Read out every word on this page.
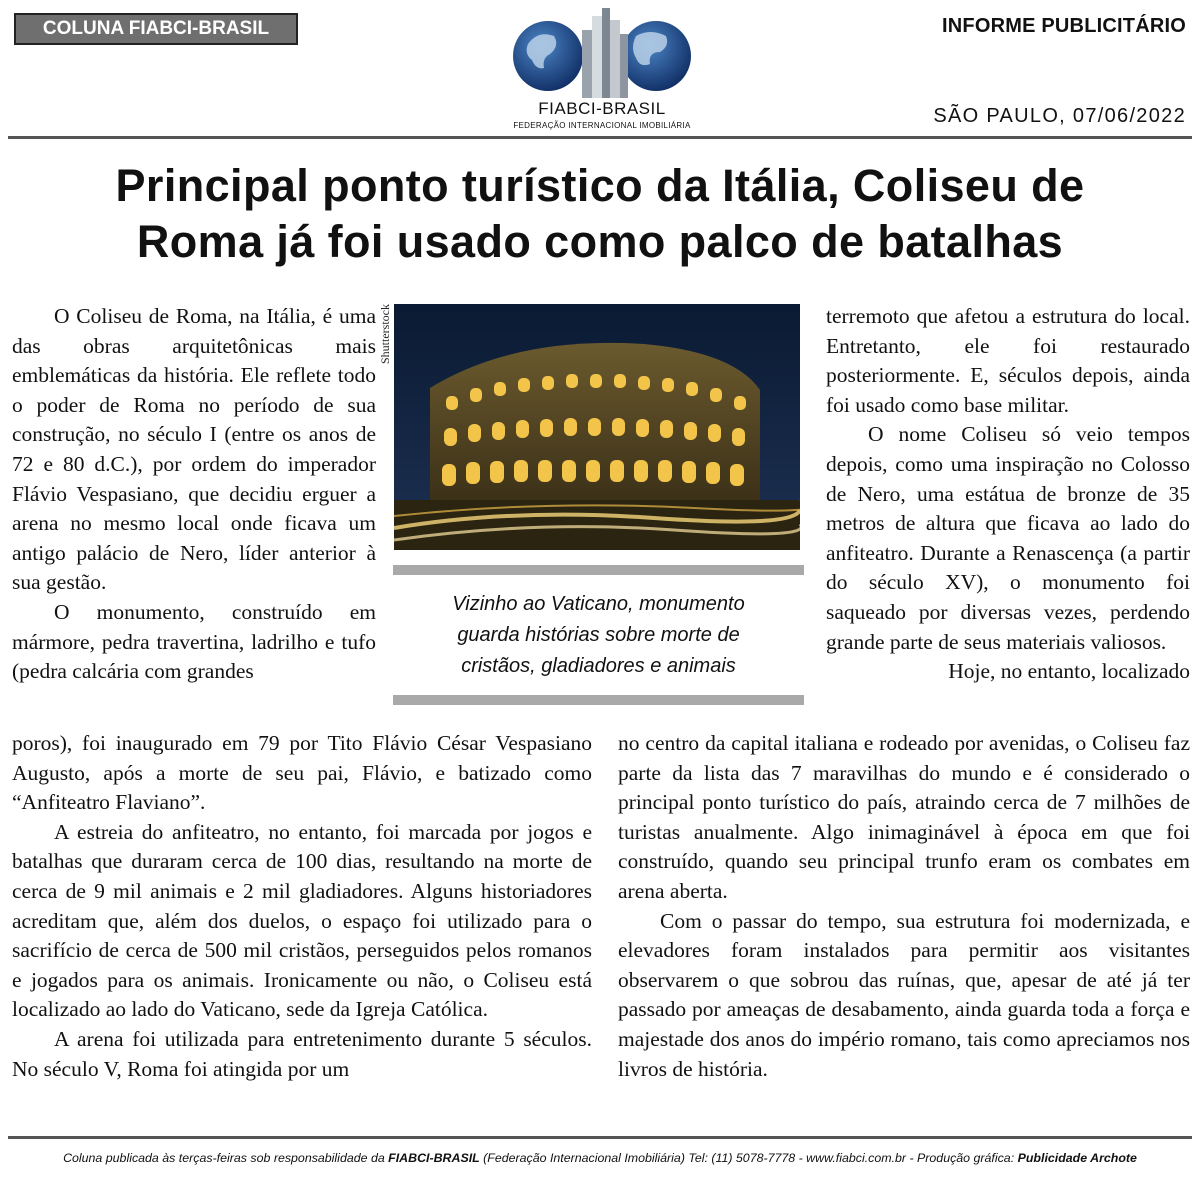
COLUNA FIABCI-BRASIL	INFORME PUBLICITÁRIO
SÃO PAULO, 07/06/2022
FIABCI-BRASIL
FEDERAÇÃO INTERNACIONAL IMOBILIÁRIA
Principal ponto turístico da Itália, Coliseu de
Roma já foi usado como palco de batalhas

O Coliseu de Roma, na Itália, é uma das obras arquitetônicas mais emblemáticas da história. Ele reflete todo o poder de Roma no período de sua construção, no século I (entre os anos de 72 e 80 d.C.), por ordem do imperador Flávio Vespasiano, que decidiu erguer a arena no mesmo local onde ficava um antigo palácio de Nero, líder anterior à sua gestão.

O monumento, construído em mármore, pedra travertina, ladrilho e tufo (pedra calcária com grandes

Shutterstock
Vizinho ao Vaticano, monumento
guarda histórias sobre morte de
cristãos, gladiadores e animais

terremoto que afetou a estrutura do local. Entretanto, ele foi restaurado posteriormente. E, séculos depois, ainda foi usado como base militar.

O nome Coliseu só veio tempos depois, como uma inspiração no Colosso de Nero, uma estátua de bronze de 35 metros de altura que ficava ao lado do anfiteatro. Durante a Renascença (a partir do século XV), o monumento foi saqueado por diversas vezes, perdendo grande parte de seus materiais valiosos.

Hoje, no entanto, localizado

poros), foi inaugurado em 79 por Tito Flávio César Vespasiano Augusto, após a morte de seu pai, Flávio, e batizado como “Anfiteatro Flaviano”.

A estreia do anfiteatro, no entanto, foi marcada por jogos e batalhas que duraram cerca de 100 dias, resultando na morte de cerca de 9 mil animais e 2 mil gladiadores. Alguns historiadores acreditam que, além dos duelos, o espaço foi utilizado para o sacrifício de cerca de 500 mil cristãos, perseguidos pelos romanos e jogados para os animais. Ironicamente ou não, o Coliseu está localizado ao lado do Vaticano, sede da Igreja Católica.

A arena foi utilizada para entretenimento durante 5 séculos. No século V, Roma foi atingida por um

no centro da capital italiana e rodeado por avenidas, o Coliseu faz parte da lista das 7 maravilhas do mundo e é considerado o principal ponto turístico do país, atraindo cerca de 7 milhões de turistas anualmente. Algo inimaginável à época em que foi construído, quando seu principal trunfo eram os combates em arena aberta.

Com o passar do tempo, sua estrutura foi modernizada, e elevadores foram instalados para permitir aos visitantes observarem o que sobrou das ruínas, que, apesar de até já ter passado por ameaças de desabamento, ainda guarda toda a força e majestade dos anos do império romano, tais como apreciamos nos livros de história.

Coluna publicada às terças-feiras sob responsabilidade da FIABCI-BRASIL (Federação Internacional Imobiliária) Tel: (11) 5078-7778 - www.fiabci.com.br - Produção gráfica: Publicidade Archote
